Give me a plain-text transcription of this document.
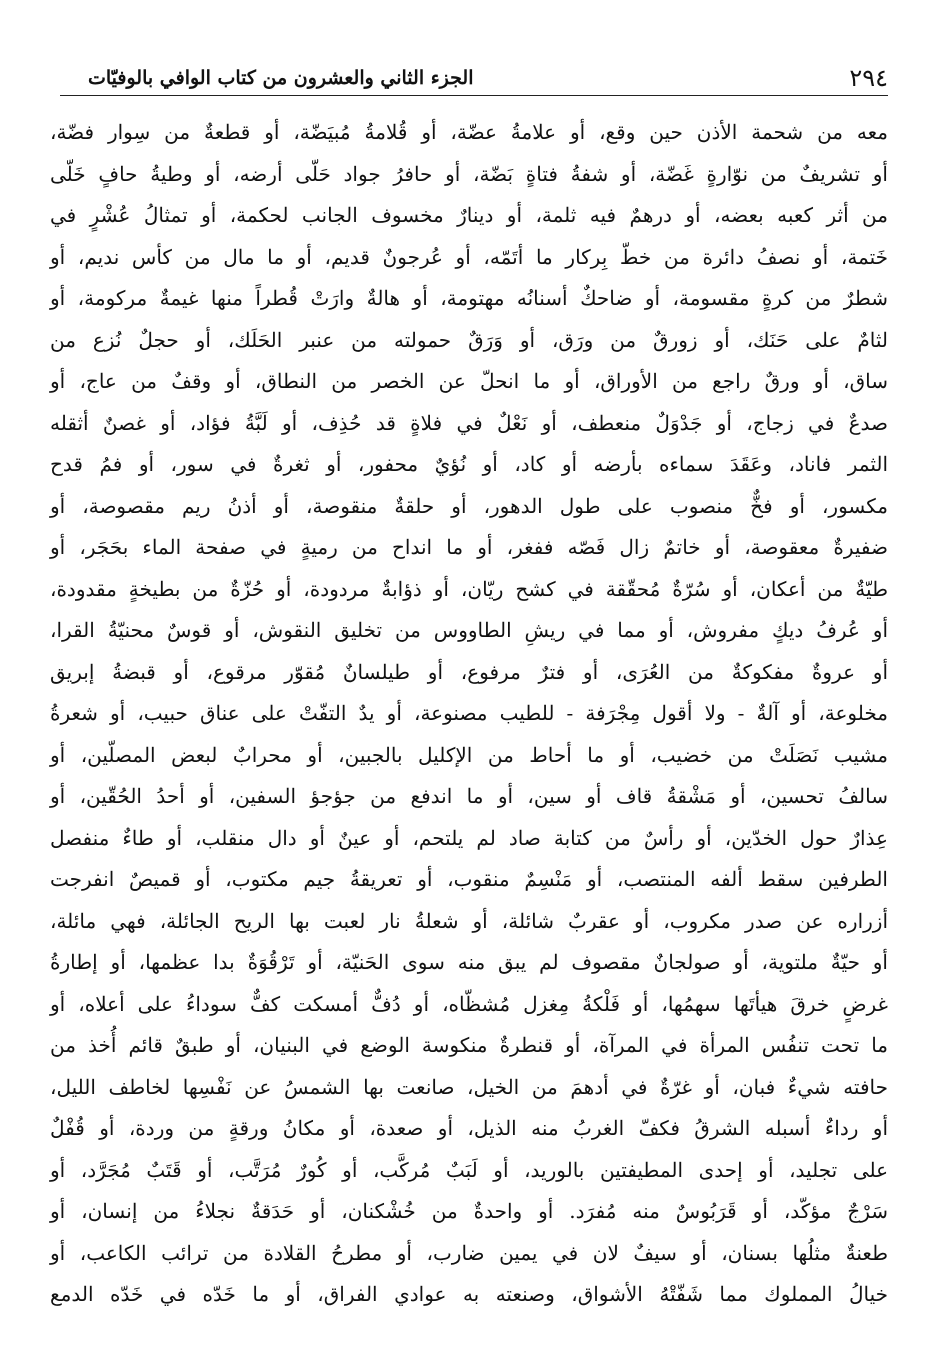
٢٩٤
الجزء الثاني والعشرون من كتاب الوافي بالوفيّات
معه من شحمة الأذن حين وقع، أو علامةُ عضّة، أو قُلامةُ مُبيَضّة، أو قطعةٌ من سِوار فضّة،
أو تشريفٌ من نوّارةٍ غَضّة، أو شفةُ فتاةٍ بَضّة، أو حافرُ جواد حَلّى أرضه، أو وطيةُ حافٍ خَلّى
من أثر كعبه بعضه، أو درهمٌ فيه ثلمة، أو دينارٌ مخسوف الجانب لحكمة، أو تمثالُ عُشْرٍ في
خَتمة، أو نصفُ دائرة من خطّ بِركار ما أتَمّه، أو عُرجونٌ قديم، أو ما مال من كأس نديم، أو
شطرٌ من كرةٍ مقسومة، أو ضاحكٌ أسنانُه مهتومة، أو هالةٌ وارَتْ قُطراً منها غيمةٌ مركومة، أو
لثامٌ على حَنَك، أو زورقٌ من ورَق، أو وَرَقٌ حمولته من عنبر الحَلَك، أو حجلٌ نُزع من
ساق، أو ورقٌ راجع من الأوراق، أو ما انحلّ عن الخصر من النطاق، أو وقفٌ من عاج، أو
صدعٌ في زجاج، أو جَدْوَلٌ منعطف، أو نَعْلٌ في فلاةٍ قد حُذِف، أو لَبَّةُ فؤاد، أو غصنٌ أثقله
الثمر فاناد، وعَقَدَ سماءه بأرضه أو كاد، أو نُؤيٌ محفور، أو ثغرةٌ في سور، أو فمُ قدح
مكسور، أو فخٌّ منصوب على طول الدهور، أو حلقةٌ منقوصة، أو أذنُ ريم مقصوصة، أو
ضفيرةٌ معقوصة، أو خاتمٌ زال فَصّه ففغر، أو ما انداح من رميةٍ في صفحة الماء بحَجَر، أو
طيّةٌ من أعكان، أو سُرّةٌ مُحقّقة في كشح ريّان، أو ذؤابةٌ مردودة، أو حُزّةٌ من بطيخةٍ مقدودة،
أو عُرفُ ديكٍ مفروش، أو مما في ريشِ الطاووس من تخليق النقوش، أو قوسٌ محنيّةُ القرا،
أو عروةٌ مفكوكةٌ من العُرَى، أو فترٌ مرفوع، أو طيلسانٌ مُقوّر مرقوع، أو قبضةُ إبريق
مخلوعة، أو آلةٌ - ولا أقول مِجْرَفة - للطيب مصنوعة، أو يدٌ التفّتْ على عناق حبيب، أو شعرةُ
مشيب نَصَلَتْ من خضيب، أو ما أحاط من الإكليل بالجبين، أو محرابٌ لبعض المصلّين، أو
سالفُ تحسين، أو مَشْقةُ قاف أو سين، أو ما اندفع من جؤجؤ السفين، أو أحدُ الحُقّين، أو
عِذارٌ حول الخدّين، أو رأسٌ من كتابة صاد لم يلتحم، أو عينٌ أو دال منقلب، أو طاءٌ منفصل
الطرفين سقط ألفه المنتصب، أو مَنْسِمٌ منقوب، أو تعريقةُ جيم مكتوب، أو قميصٌ انفرجت
أزراره عن صدر مكروب، أو عقربٌ شائلة، أو شعلةُ نار لعبت بها الريح الجائلة، فهي مائلة،
أو حيّةٌ ملتوية، أو صولجانٌ مقصوف لم يبق منه سوى الحَنيّة، أو تَرْقُوَةٌ بدا عظمها، أو إطارةُ
غرضٍ خرقَ هيأتَها سهمُها، أو فَلْكةُ مِغزل مُشظّاه، أو دُفٌّ أمسكت كفٌّ سوداءُ على أعلاه، أو
ما تحت تنفُس المرأة في المرآة، أو قنطرةٌ منكوسة الوضع في البنيان، أو طبقٌ قائم أُخذ من
حافته شيءٌ فبان، أو غرّةٌ في أدهمَ من الخيل، صانعت بها الشمسُ عن نَفْسِها لخاطف الليل،
أو رداءٌ أسبله الشرقُ فكفّ الغربُ منه الذيل، أو صعدة، أو مكانُ ورقةٍ من وردة، أو قُفْلٌ
على تجليد، أو إحدى المطيفتين بالوريد، أو لَبَبٌ مُركَّب، أو كُورٌ مُرَتَّب، أو قَتَبٌ مُجَرَّد، أو
سَرْجٌ مؤكّد، أو قَرَبُوسٌ منه مُفرَد. أو واحدةٌ من خُشْكنان، أو حَدَقةٌ نجلاءُ من إنسان، أو
طعنةٌ مثلُها بسنان، أو سيفٌ لان في يمين ضارب، أو مطرحُ القلادة من ترائب الكاعب، أو
خيالُ المملوك مما شَفّتْهُ الأشواق، وصنعته به عوادي الفراق، أو ما خَدّه في خَدّه الدمع
